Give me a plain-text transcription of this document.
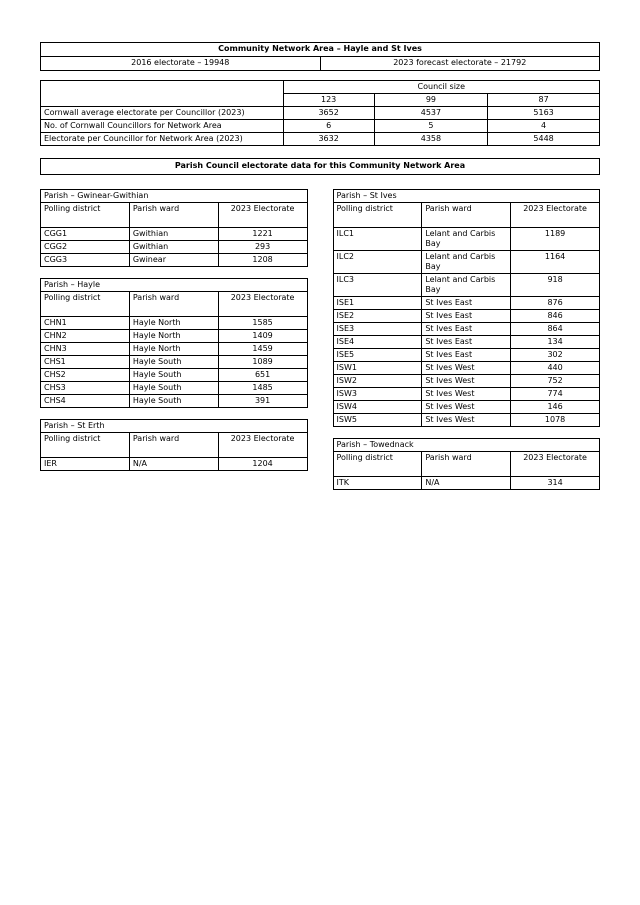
Community Network Area – Hayle and St Ives
2016 electorate – 19948	2023 forecast electorate – 21792
	Council size		
	123	99	87
Cornwall average electorate per Councillor (2023)	3652	4537	5163
No. of Cornwall Councillors for Network Area	6	5	4
Electorate per Councillor for Network Area (2023)	3632	4358	5448
Parish Council electorate data for this Community Network Area
Parish – Gwinear-Gwithian		
Polling district	Parish ward	2023 Electorate
CGG1	Gwithian	1221
CGG2	Gwithian	293
CGG3	Gwinear	1208
Parish – Hayle		
Polling district	Parish ward	2023 Electorate
CHN1	Hayle North	1585
CHN2	Hayle North	1409
CHN3	Hayle North	1459
CHS1	Hayle South	1089
CHS2	Hayle South	651
CHS3	Hayle South	1485
CHS4	Hayle South	391
Parish – St Erth		
Polling district	Parish ward	2023 Electorate
IER	N/A	1204
Parish – St Ives		
Polling district	Parish ward	2023 Electorate
ILC1	Lelant and Carbis Bay	1189
ILC2	Lelant and Carbis Bay	1164
ILC3	Lelant and Carbis Bay	918
ISE1	St Ives East	876
ISE2	St Ives East	846
ISE3	St Ives East	864
ISE4	St Ives East	134
ISE5	St Ives East	302
ISW1	St Ives West	440
ISW2	St Ives West	752
ISW3	St Ives West	774
ISW4	St Ives West	146
ISW5	St Ives West	1078
Parish – Towednack		
Polling district	Parish ward	2023 Electorate
ITK	N/A	314
